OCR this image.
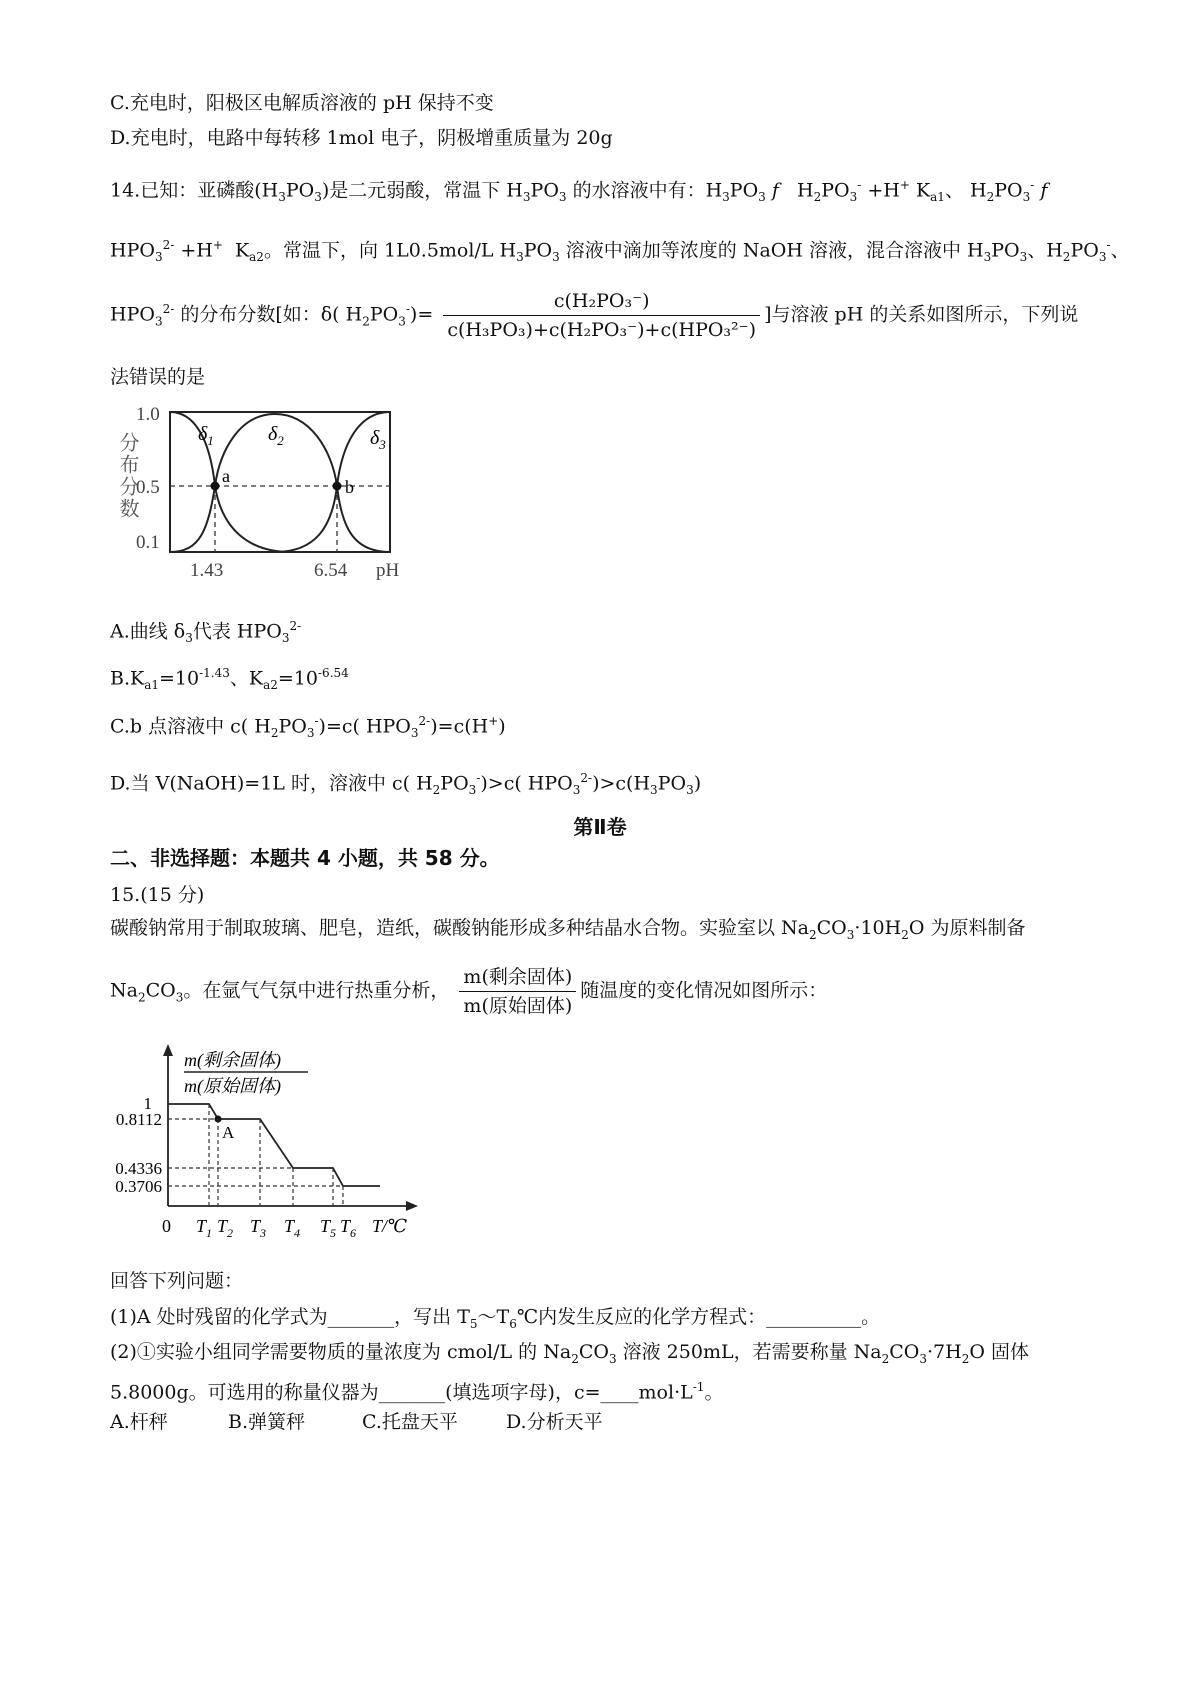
C.充电时，阳极区电解质溶液的 pH 保持不变
D.充电时，电路中每转移 1mol 电子，阴极增重质量为 20g
14.已知：亚磷酸$(H_3PO_3)$是二元弱酸，常温下 $H_3PO_3$ 的水溶液中有：$H_3PO_3$ f   $H_2PO_3^- +H^+$ $K_{a1}$、 $H_2PO_3^-$ f
$HPO_3^{2-} +H^+$  $K_{a2}$。常温下，向 1L0.5mol/L $H_3PO_3$ 溶液中滴加等浓度的 NaOH 溶液，混合溶液中 $H_3PO_3$、$H_2PO_3^-$、
$HPO_3^{2-}$ 的分布分数[如：δ( $H_2PO_3^-)= \frac{\text{c(H₂PO₃⁻)}}{\text{c(H₃PO₃)+c(H₂PO₃⁻)+c(HPO₃²⁻)}}$ ]与溶液 pH 的关系如图所示，下列说
法错误的是
a
b
$\delta_1$	$\delta_2$	$\delta_3$
1.0
0.5
0.1
分布分数
1.43	6.54 pH
A.曲线 $\delta_3$代表 $HPO_3^{2-}$
$B.K_{a1}=10^{-1.43}$、$K_{a2}=10^{-6.54}$
C.b 点溶液中 c( $H_2PO_3^-)=c$( $HPO_3^{2-})=c(H^+)$
D.当 V(NaOH)=1L 时，溶液中 c( $H_2PO_3^-)>c$( $HPO_3^{2-})>c(H_3PO_3)$
第Ⅱ卷
二、非选择题：本题共 4 小题，共 58 分。
15.(15 分)
碳酸钠常用于制取玻璃、肥皂，造纸，碳酸钠能形成多种结晶水合物。实验室以 $Na_2CO_3\cdot 10H_2O$ 为原料制备
$Na_2CO_3$。在氩气气氛中进行热重分析， $\frac{\text{m(剩余固体)}}{\text{m(原始固体)}}$ 随温度的变化情况如图所示：
m(剩余固体)
m(原始固体)
A
1
0.8112
0.4336
0.3706
0 $T_1$ $T_2$ $T_3$ $T_4$ $T_5$ $T_6$ T/℃
回答下列问题：
(1)A 处时残留的化学式为_______，写出 $T_5\sim T_6℃$内发生反应的化学方程式：__________。
(2)①实验小组同学需要物质的量浓度为 cmol/L 的 $Na_2CO_3$ 溶液 250mL，若需要称量 $Na_2CO_3\cdot 7H_2O$ 固体
5.8000g。可选用的称量仪器为_______(填选项字母)，$c=\_\_\_\_mol\cdot L^{-1}$。
A.杆秤	B.弹簧秤	C.托盘天平	D.分析天平
